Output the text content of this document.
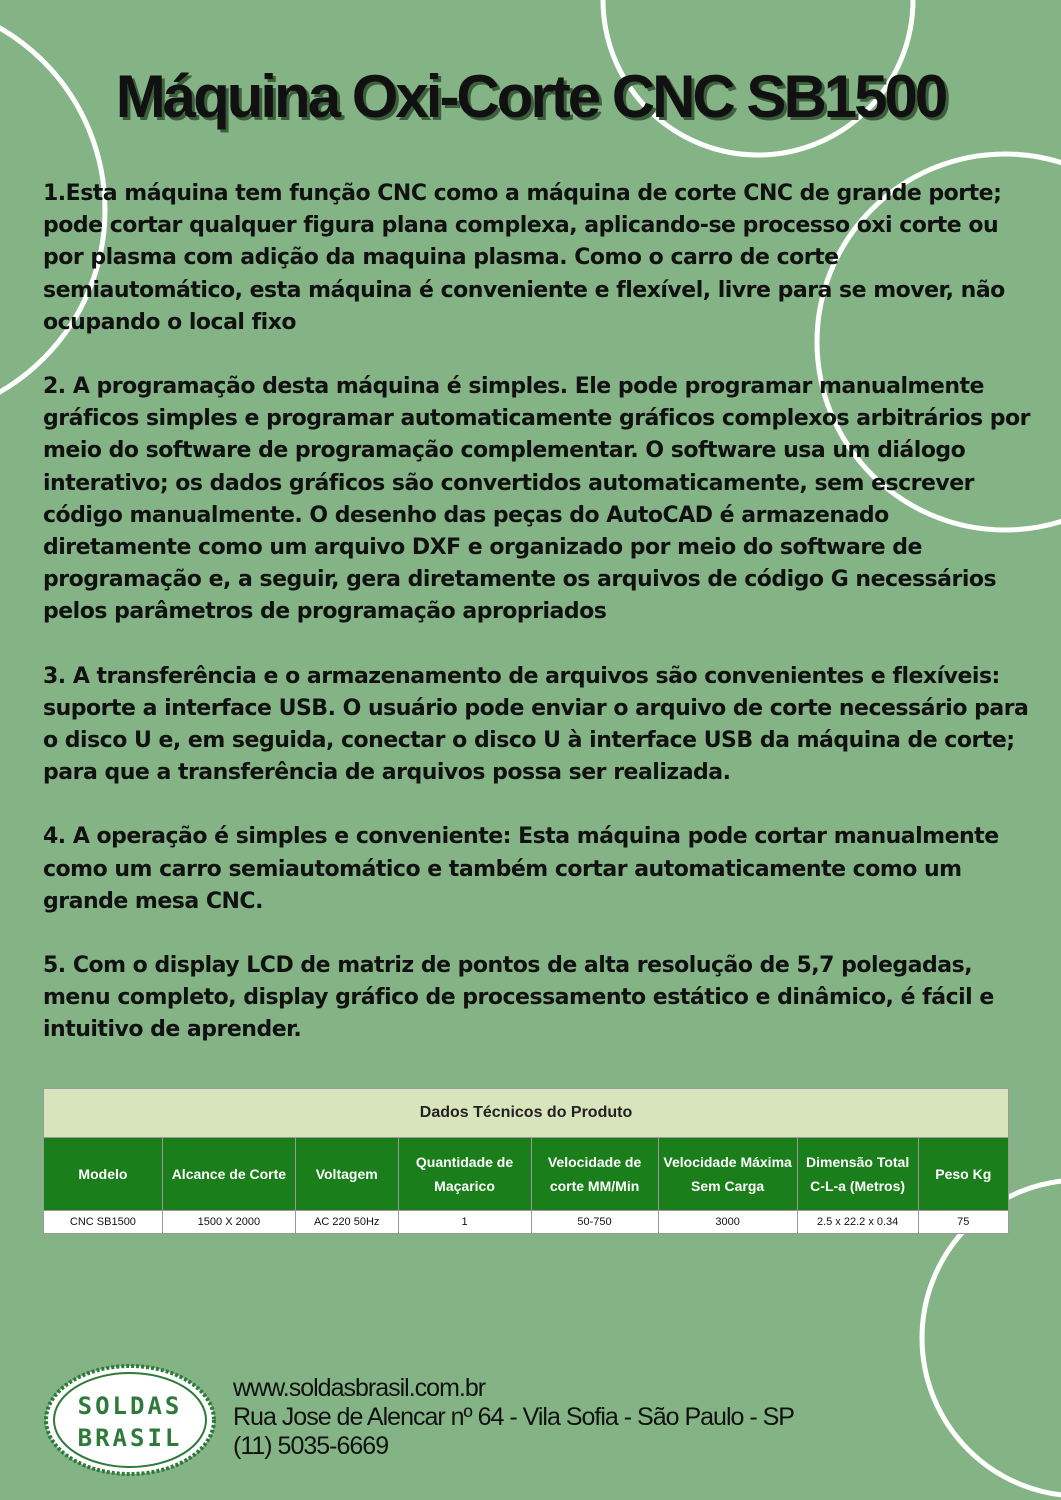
Máquina Oxi-Corte CNC SB1500

1.Esta máquina tem função CNC como a máquina de corte CNC de grande porte; pode cortar qualquer figura plana complexa, aplicando-se processo oxi corte ou por plasma com adição da maquina plasma. Como o carro de corte semiautomático, esta máquina é conveniente e flexível, livre para se mover, não ocupando o local fixo

2. A programação desta máquina é simples. Ele pode programar manualmente gráficos simples e programar automaticamente gráficos complexos arbitrários por meio do software de programação complementar. O software usa um diálogo interativo; os dados gráficos são convertidos automaticamente, sem escrever código manualmente. O desenho das peças do AutoCAD é armazenado diretamente como um arquivo DXF e organizado por meio do software de programação e, a seguir, gera diretamente os arquivos de código G necessários pelos parâmetros de programação apropriados

3. A transferência e o armazenamento de arquivos são convenientes e flexíveis: suporte a interface USB. O usuário pode enviar o arquivo de corte necessário para o disco U e, em seguida, conectar o disco U à interface USB da máquina de corte; para que a transferência de arquivos possa ser realizada.

4. A operação é simples e conveniente: Esta máquina pode cortar manualmente como um carro semiautomático e também cortar automaticamente como um grande mesa CNC.

5. Com o display LCD de matriz de pontos de alta resolução de 5,7 polegadas, menu completo, display gráfico de processamento estático e dinâmico, é fácil e intuitivo de aprender.

Dados Técnicos do Produto							
Modelo	Alcance de Corte	Voltagem	Quantidade de Maçarico	Velocidade de corte MM/Min	Velocidade Máxima Sem Carga	Dimensão Total C-L-a (Metros)	Peso Kg
CNC SB1500	1500 X 2000	AC 220 50Hz	1	50-750	3000	2.5 x 22.2 x 0.34	75
SOLDAS
BRASIL
www.soldasbrasil.com.br
Rua Jose de Alencar nº 64 - Vila Sofia - São Paulo - SP
(11) 5035-6669
